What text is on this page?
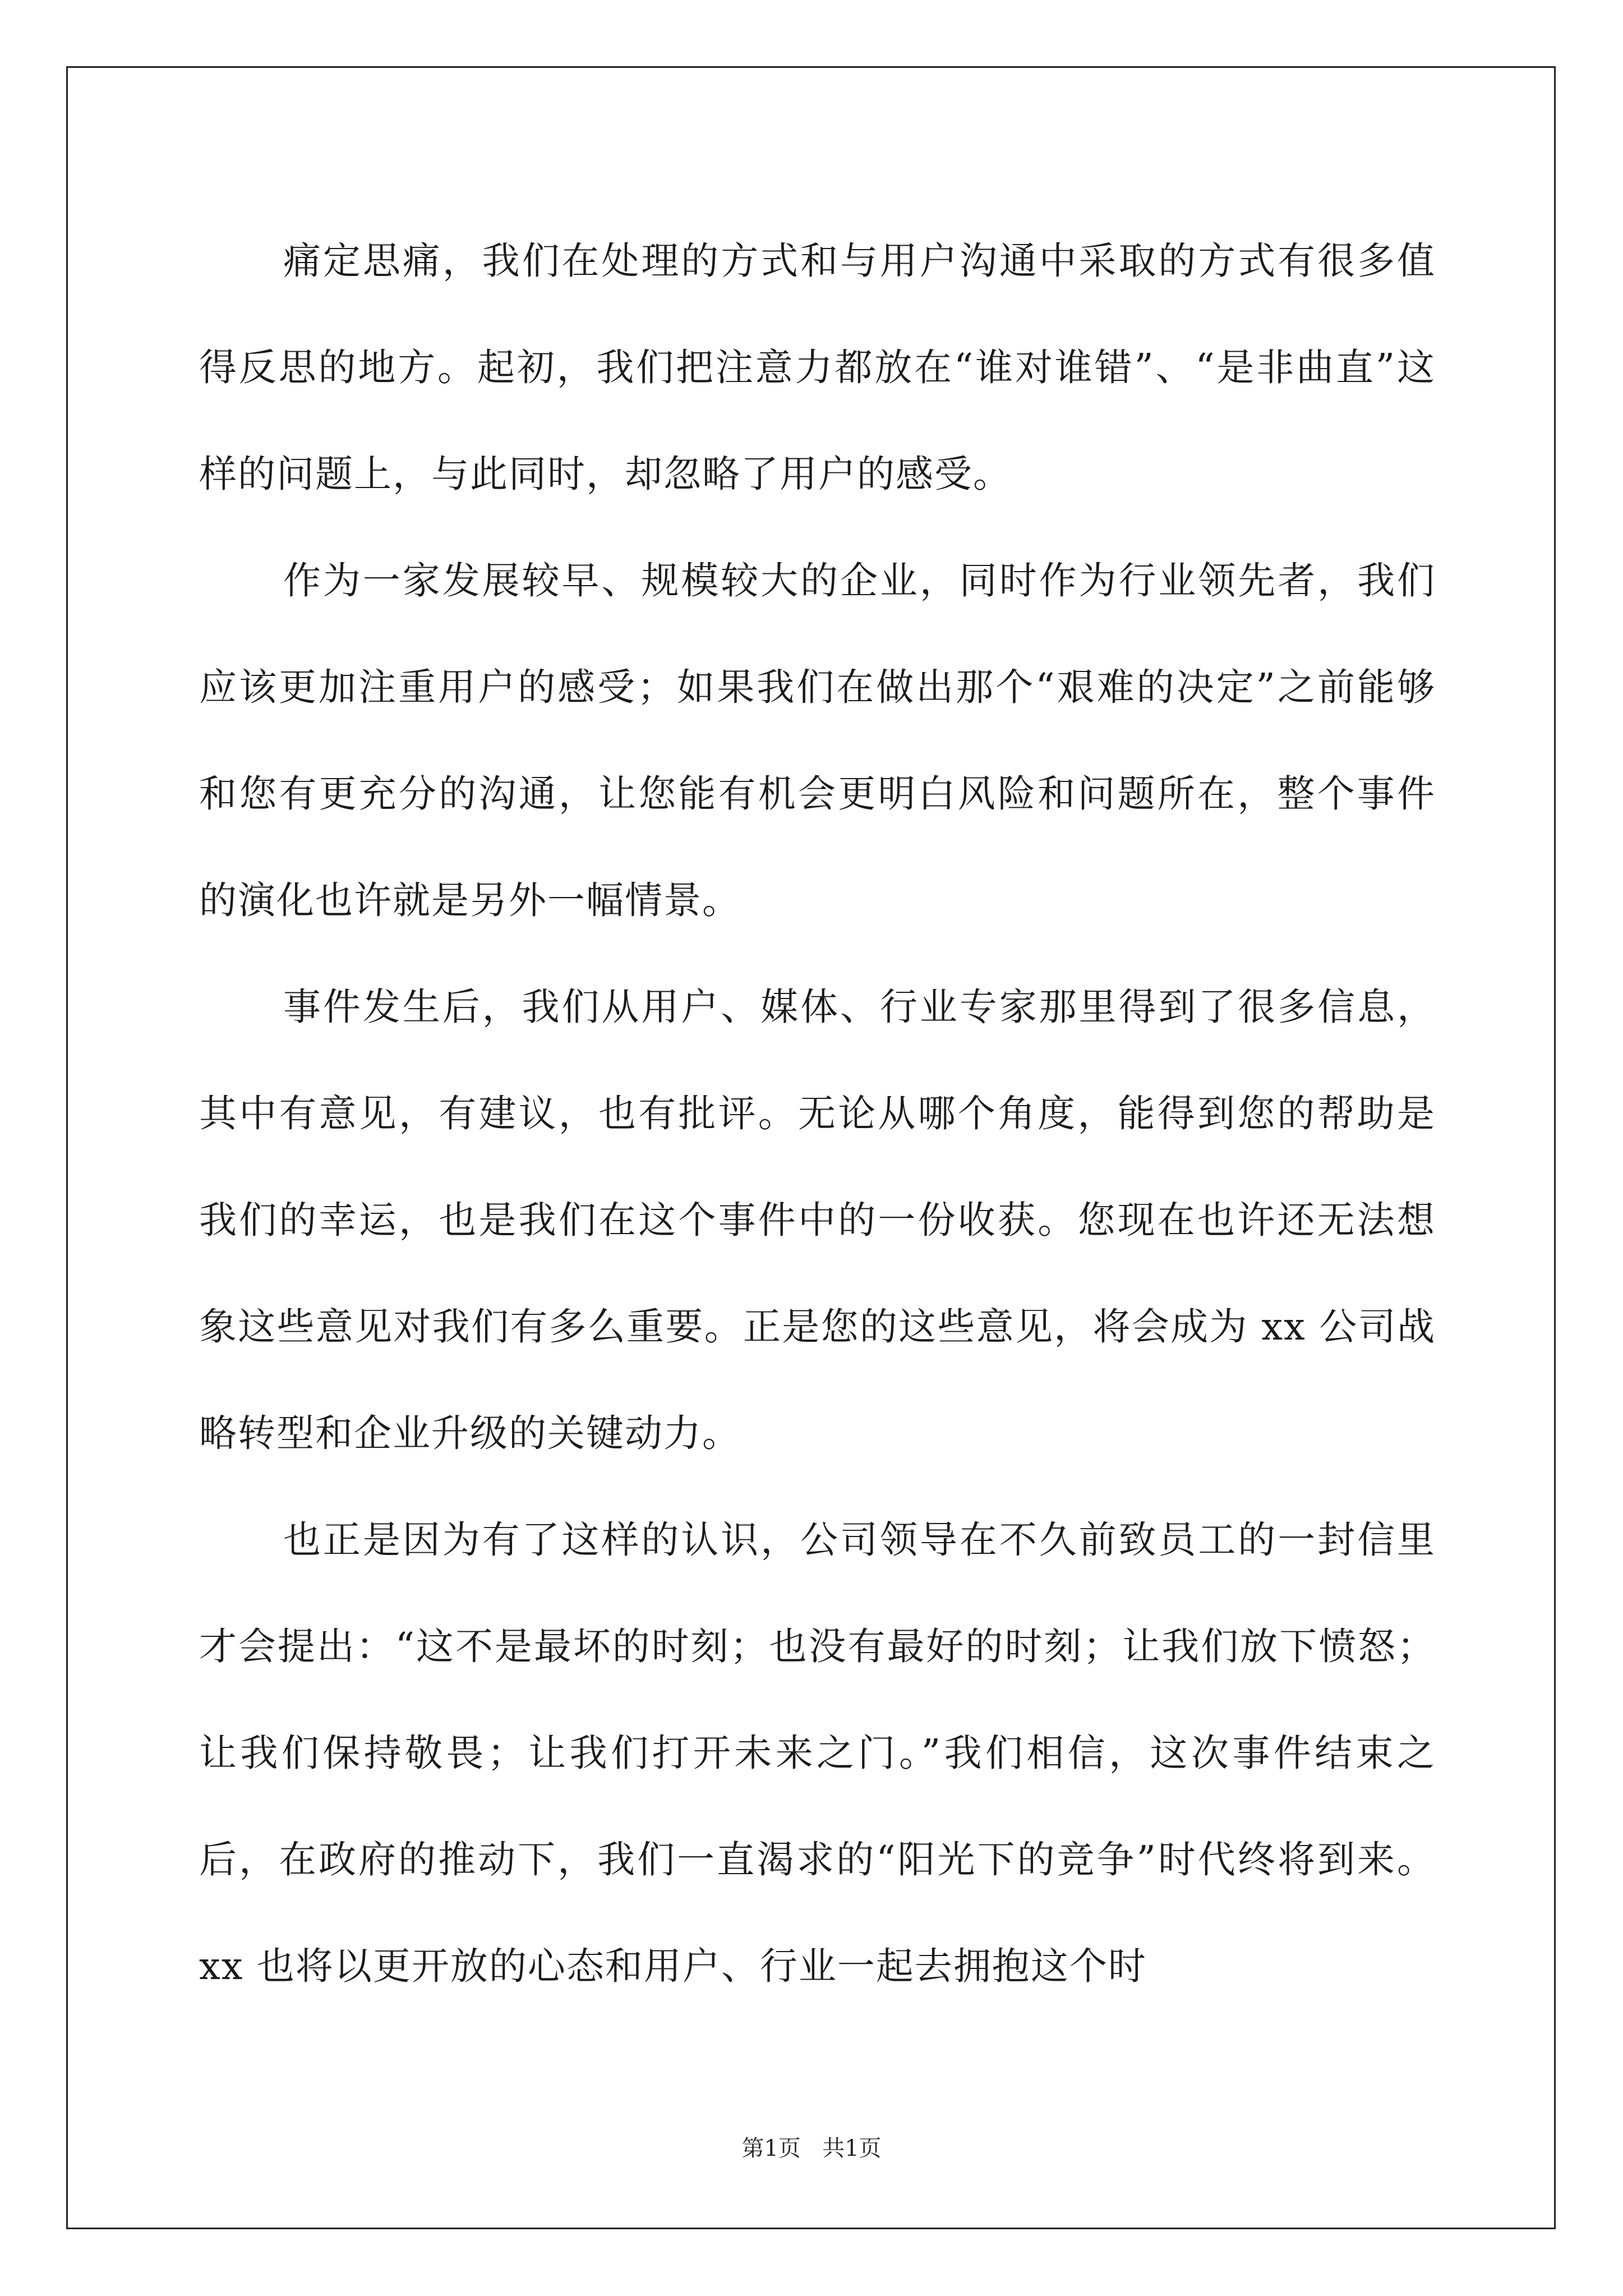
痛定思痛，我们在处理的方式和与用户沟通中采取的方式有很多值得反思的地方。起初，我们把注意力都放在“谁对谁错”、“是非曲直”这样的问题上，与此同时，却忽略了用户的感受。

作为一家发展较早、规模较大的企业，同时作为行业领先者，我们应该更加注重用户的感受；如果我们在做出那个“艰难的决定”之前能够和您有更充分的沟通，让您能有机会更明白风险和问题所在，整个事件的演化也许就是另外一幅情景。

事件发生后，我们从用户、媒体、行业专家那里得到了很多信息，其中有意见，有建议，也有批评。无论从哪个角度，能得到您的帮助是我们的幸运，也是我们在这个事件中的一份收获。您现在也许还无法想象这些意见对我们有多么重要。正是您的这些意见，将会成为 xx 公司战略转型和企业升级的关键动力。

也正是因为有了这样的认识，公司领导在不久前致员工的一封信里才会提出：“这不是最坏的时刻；也没有最好的时刻；让我们放下愤怒；让我们保持敬畏；让我们打开未来之门。”我们相信，这次事件结束之后，在政府的推动下，我们一直渴求的“阳光下的竞争”时代终将到来。xx 也将以更开放的心态和用户、行业一起去拥抱这个时

第1页 共1页
